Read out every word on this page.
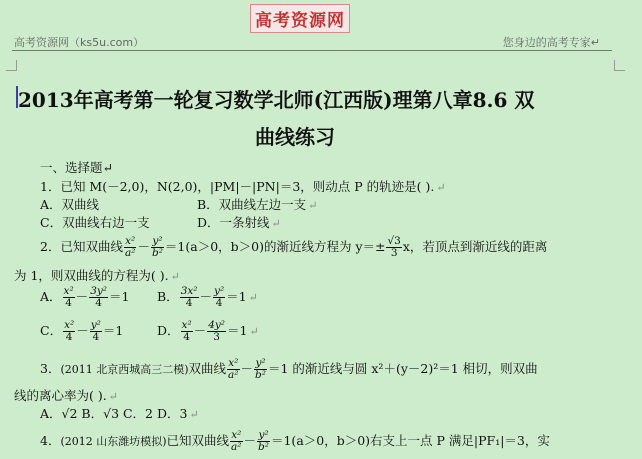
高考资源网（ks5u.com）
高考资源网
您身边的高考专家↵
2013年高考第一轮复习数学北师(江西版)理第八章8.6 双
曲线练习
一、选择题↵
1．已知 M(－2,0)，N(2,0)，|PM|－|PN|＝3，则动点 P 的轨迹是( ). ↵
A．双曲线	B．双曲线左边一支 ↵
C．双曲线右边一支	D．一条射线 ↵
2．已知双曲线 $\frac{\text{x²}}{\text{a²}} - \frac{\text{y²}}{\text{b²}} =1(a>0$，b＞0)的渐近线方程为 $y=\pm \frac{√3}{3}$ x，若顶点到渐近线的距离
为 1，则双曲线的方程为( ). ↵
A． $\frac{\text{x²}}{4} - \frac{\text{3y²}}{4} =1$ B． $\frac{\text{3x²}}{4} - \frac{\text{y²}}{4} =1$ ↵
C． $\frac{\text{x²}}{4} - \frac{\text{y²}}{4} =1$	D． $\frac{\text{x²}}{4} - \frac{\text{4y²}}{3} =1$ ↵
3．(2011 北京西城高三二模)双曲线 $\frac{\text{x²}}{\text{a²}} - \frac{\text{y²}}{\text{b²}} =1$ 的渐近线与圆 x²＋(y－2)²＝1 相切，则双曲
线的离心率为( ). ↵
A．√2 B．√3 C．2 D．3 ↵
4．(2012 山东潍坊模拟)已知双曲线 $\frac{\text{x²}}{\text{a²}} - \frac{\text{y²}}{\text{b²}} =1(a>0$，b＞0)右支上一点 P 满足|PF₁|＝3，实
